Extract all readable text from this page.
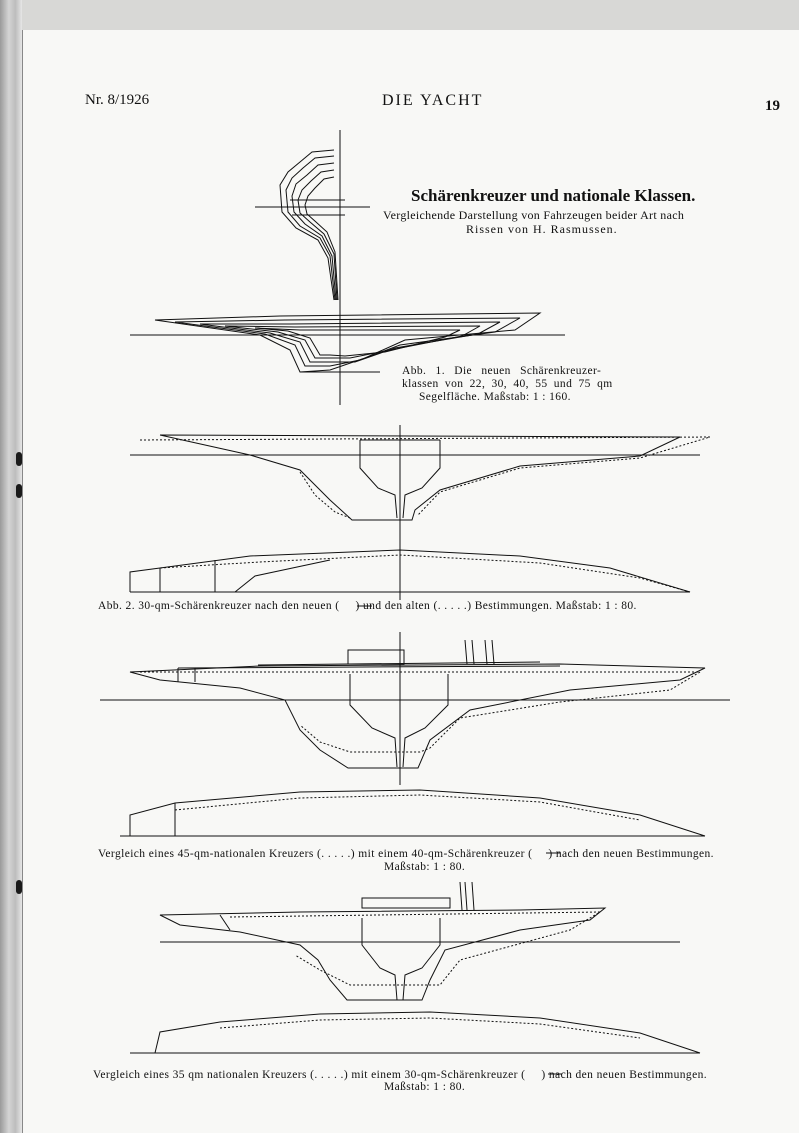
Nr. 8/1926	DIE YACHT	19
Schärenkreuzer und nationale Klassen.
Vergleichende Darstellung von Fahrzeugen beider Art nach
Rissen von H. Rasmussen.
Abb. 1. Die neuen Schärenkreuzer-
klassen von 22, 30, 40, 55 und 75 qm
Segelfläche. Maßstab: 1 : 160.
Abb. 2. 30-qm-Schärenkreuzer nach den neuen ( ) und den alten (. . . . .) Bestimmungen. Maßstab: 1 : 80.
Vergleich eines 45-qm-nationalen Kreuzers (. . . . .) mit einem 40-qm-Schärenkreuzer ( ) nach den neuen Bestimmungen.
Maßstab: 1 : 80.
Vergleich eines 35 qm nationalen Kreuzers (. . . . .) mit einem 30-qm-Schärenkreuzer ( ) nach den neuen Bestimmungen.
Maßstab: 1 : 80.
